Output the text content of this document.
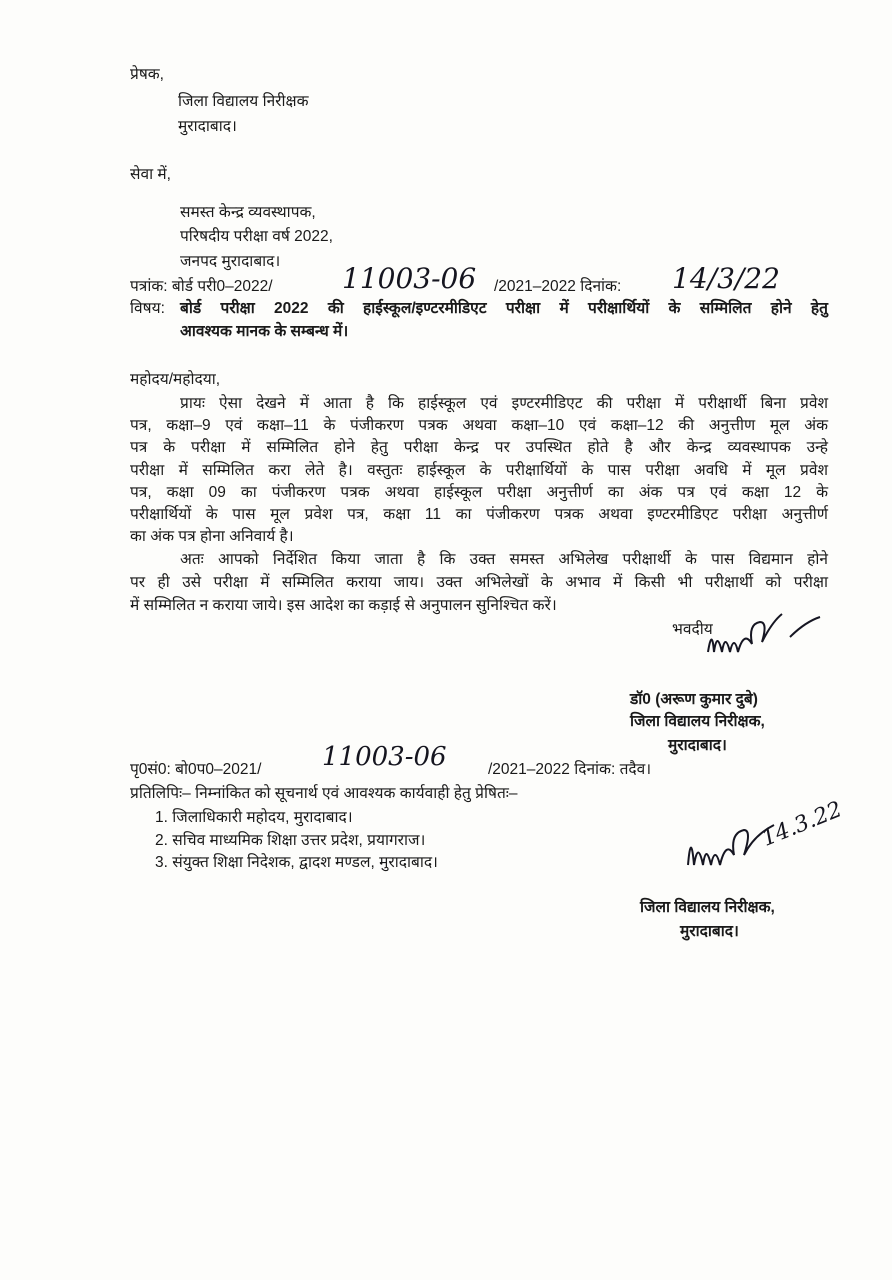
प्रेषक,
जिला विद्यालय निरीक्षक
मुरादाबाद।
सेवा में,
समस्त केन्द्र व्यवस्थापक,
परिषदीय परीक्षा वर्ष 2022,
जनपद मुरादाबाद।
पत्रांक: बोर्ड परी0–2022/ 11003-06 /2021–2022 दिनांक: 14/3/22
विषय: बोर्ड परीक्षा 2022 की हाईस्कूल/इण्टरमीडिएट परीक्षा में परीक्षार्थियों के सम्मिलित होने हेतु
आवश्यक मानक के सम्बन्ध में।
महोदय/महोदया,
प्रायः ऐसा देखने में आता है कि हाईस्कूल एवं इण्टरमीडिएट की परीक्षा में परीक्षार्थी बिना प्रवेश
पत्र, कक्षा–9 एवं कक्षा–11 के पंजीकरण पत्रक अथवा कक्षा–10 एवं कक्षा–12 की अनुत्तीण मूल अंक
पत्र के परीक्षा में सम्मिलित होने हेतु परीक्षा केन्द्र पर उपस्थित होते है और केन्द्र व्यवस्थापक उन्हे
परीक्षा में सम्मिलित करा लेते है। वस्तुतः हाईस्कूल के परीक्षार्थियों के पास परीक्षा अवधि में मूल प्रवेश
पत्र, कक्षा 09 का पंजीकरण पत्रक अथवा हाईस्कूल परीक्षा अनुत्तीर्ण का अंक पत्र एवं कक्षा 12 के
परीक्षार्थियों के पास मूल प्रवेश पत्र, कक्षा 11 का पंजीकरण पत्रक अथवा इण्टरमीडिएट परीक्षा अनुत्तीर्ण
का अंक पत्र होना अनिवार्य है।
अतः आपको निर्देशित किया जाता है कि उक्त समस्त अभिलेख परीक्षार्थी के पास विद्यमान होने
पर ही उसे परीक्षा में सम्मिलित कराया जाय। उक्त अभिलेखों के अभाव में किसी भी परीक्षार्थी को परीक्षा
में सम्मिलित न कराया जाये। इस आदेश का कड़ाई से अनुपालन सुनिश्चित करें।
भवदीय
डॉ0 (अरूण कुमार दुबे)
जिला विद्यालय निरीक्षक,
मुरादाबाद।
पृ0सं0: बो0प0–2021/ 11003-06	/2021–2022 दिनांक: तदैव।
प्रतिलिपिः– निम्नांकित को सूचनार्थ एवं आवश्यक कार्यवाही हेतु प्रेषितः–
1. जिलाधिकारी महोदय, मुरादाबाद।
2. सचिव माध्यमिक शिक्षा उत्तर प्रदेश, प्रयागराज।
3. संयुक्त शिक्षा निदेशक, द्वादश मण्डल, मुरादाबाद।
14.3.22
जिला विद्यालय निरीक्षक,
मुरादाबाद।
